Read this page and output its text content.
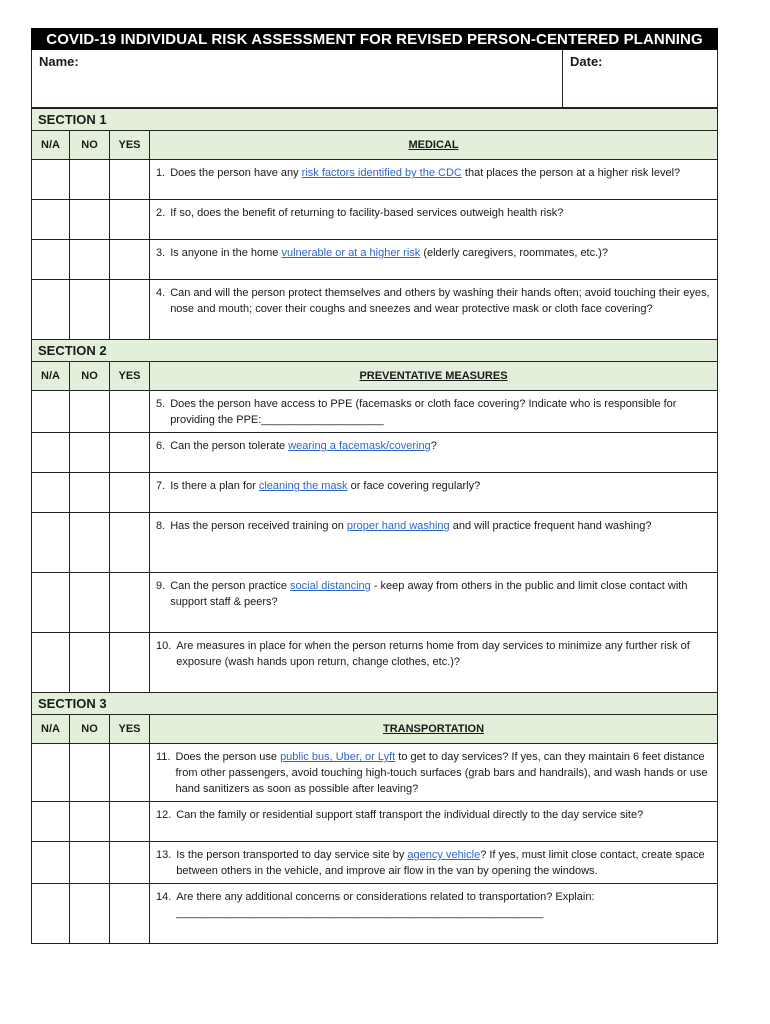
COVID-19 INDIVIDUAL RISK ASSESSMENT FOR REVISED PERSON-CENTERED PLANNING
Name:	Date:
SECTION 1			
N/A	NO	YES	MEDICAL

			1. Does the person have any risk factors identified by the CDC that places the person at a higher risk level?

			2. If so, does the benefit of returning to facility-based services outweigh health risk?

			3. Is anyone in the home vulnerable or at a higher risk (elderly caregivers, roommates, etc.)?

			4. Can and will the person protect themselves and others by washing their hands often; avoid touching their eyes, nose and mouth; cover their coughs and sneezes and wear protective mask or cloth face covering?

SECTION 2			
N/A	NO	YES	PREVENTATIVE MEASURES

			5. Does the person have access to PPE (facemasks or cloth face covering? Indicate who is responsible for providing the PPE:____________________

			6. Can the person tolerate wearing a facemask/covering?

			7. Is there a plan for cleaning the mask or face covering regularly?

			8. Has the person received training on proper hand washing and will practice frequent hand washing?

			9. Can the person practice social distancing - keep away from others in the public and limit close contact with support staff & peers?

			10. Are measures in place for when the person returns home from day services to minimize any further risk of exposure (wash hands upon return, change clothes, etc.)?

SECTION 3			
N/A	NO	YES	TRANSPORTATION

			11. Does the person use public bus, Uber, or Lyft to get to day services? If yes, can they maintain 6 feet distance from other passengers, avoid touching high-touch surfaces (grab bars and handrails), and wash hands or use hand sanitizers as soon as possible after leaving?

			12. Can the family or residential support staff transport the individual directly to the day service site?

			13. Is the person transported to day service site by agency vehicle? If yes, must limit close contact, create space between others in the vehicle, and improve air flow in the van by opening the windows.

			14. Are there any additional concerns or considerations related to transportation? Explain: ____________________________________________________________
